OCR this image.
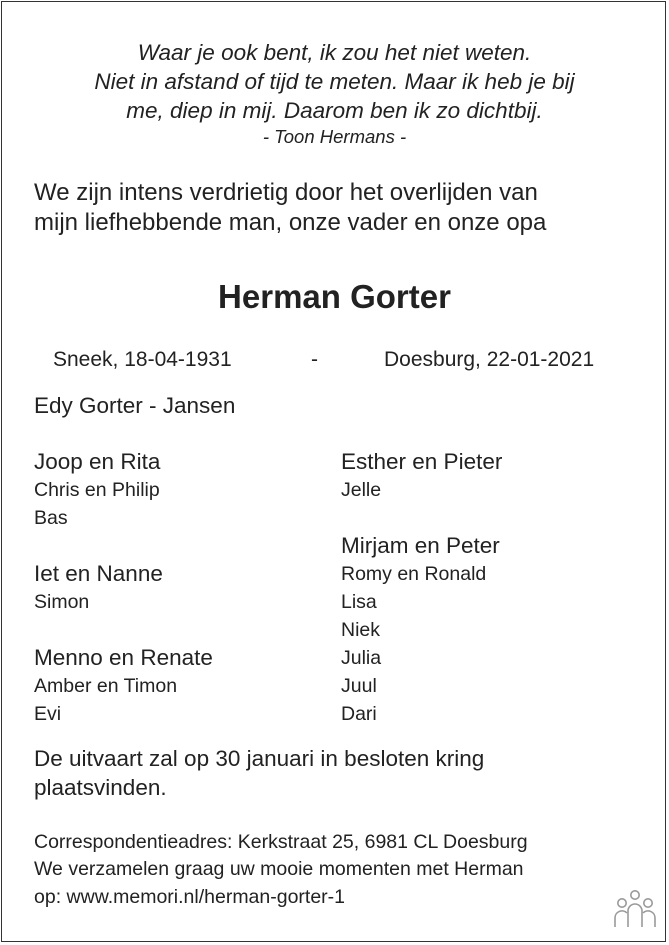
Waar je ook bent, ik zou het niet weten.
Niet in afstand of tijd te meten. Maar ik heb je bij
me, diep in mij. Daarom ben ik zo dichtbij.
- Toon Hermans -
We zijn intens verdrietig door het overlijden van
mijn liefhebbende man, onze vader en onze opa
Herman Gorter
Sneek, 18-04-1931	-	Doesburg, 22-01-2021
Edy Gorter - Jansen
Joop en Rita
Chris en Philip
Bas
Iet en Nanne
Simon
Menno en Renate
Amber en Timon
Evi
Esther en Pieter
Jelle
Mirjam en Peter
Romy en Ronald
Lisa
Niek
Julia
Juul
Dari
De uitvaart zal op 30 januari in besloten kring
plaatsvinden.
Correspondentieadres: Kerkstraat 25, 6981 CL Doesburg
We verzamelen graag uw mooie momenten met Herman
op: www.memori.nl/herman-gorter-1
